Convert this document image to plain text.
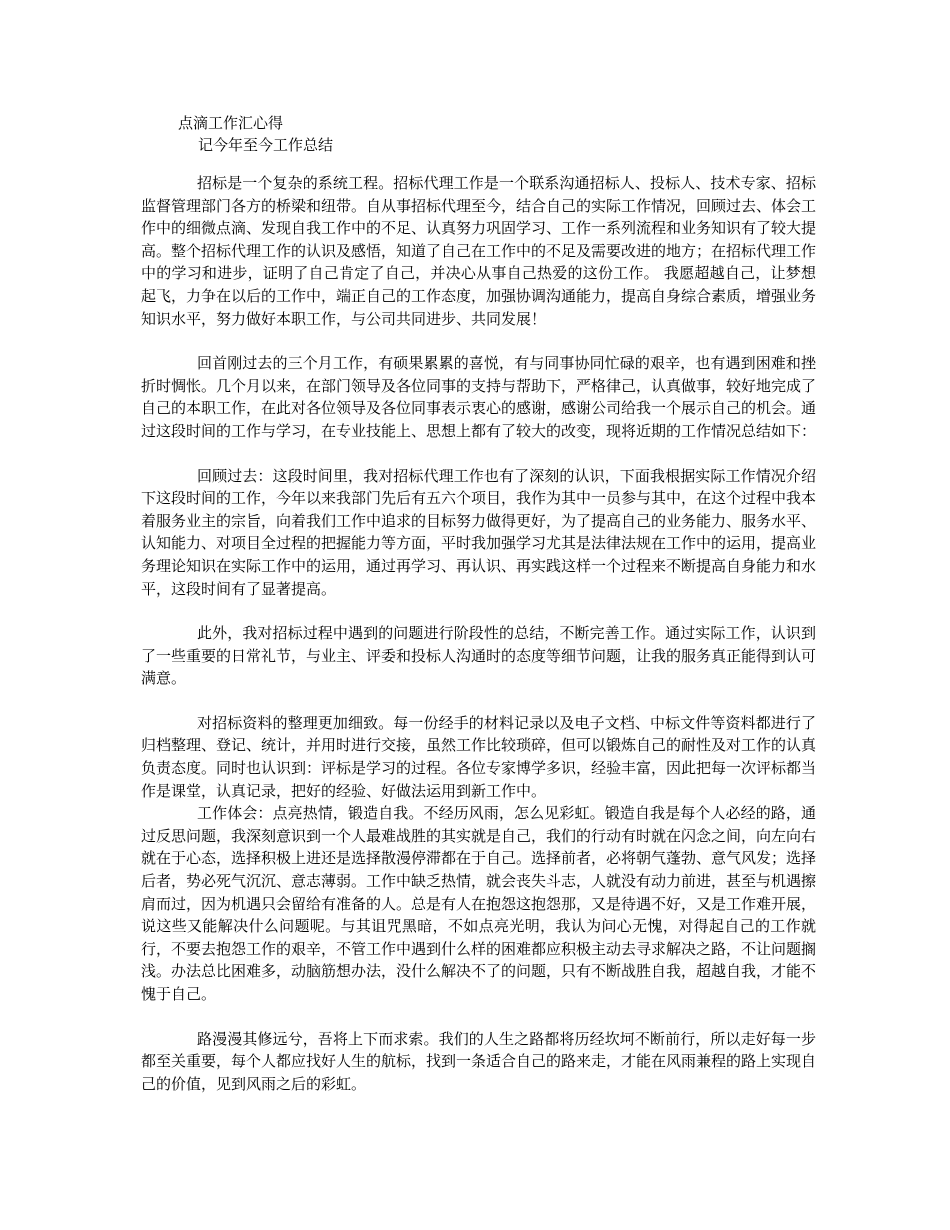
点滴工作汇心得
记今年至今工作总结

招标是一个复杂的系统工程。招标代理工作是一个联系沟通招标人、投标人、技术专家、招标监督管理部门各方的桥梁和纽带。自从事招标代理至今，结合自己的实际工作情况，回顾过去、体会工作中的细微点滴、发现自我工作中的不足、认真努力巩固学习、工作一系列流程和业务知识有了较大提高。整个招标代理工作的认识及感悟，知道了自己在工作中的不足及需要改进的地方；在招标代理工作中的学习和进步，证明了自己肯定了自己，并决心从事自己热爱的这份工作。 我愿超越自己，让梦想起飞，力争在以后的工作中，端正自己的工作态度，加强协调沟通能力，提高自身综合素质，增强业务知识水平，努力做好本职工作，与公司共同进步、共同发展！

回首刚过去的三个月工作，有硕果累累的喜悦，有与同事协同忙碌的艰辛，也有遇到困难和挫折时惆怅。几个月以来，在部门领导及各位同事的支持与帮助下，严格律己，认真做事，较好地完成了自己的本职工作，在此对各位领导及各位同事表示衷心的感谢，感谢公司给我一个展示自己的机会。通过这段时间的工作与学习，在专业技能上、思想上都有了较大的改变，现将近期的工作情况总结如下：

回顾过去：这段时间里，我对招标代理工作也有了深刻的认识，下面我根据实际工作情况介绍下这段时间的工作，今年以来我部门先后有五六个项目，我作为其中一员参与其中，在这个过程中我本着服务业主的宗旨，向着我们工作中追求的目标努力做得更好，为了提高自己的业务能力、服务水平、认知能力、对项目全过程的把握能力等方面，平时我加强学习尤其是法律法规在工作中的运用，提高业务理论知识在实际工作中的运用，通过再学习、再认识、再实践这样一个过程来不断提高自身能力和水平，这段时间有了显著提高。

此外，我对招标过程中遇到的问题进行阶段性的总结，不断完善工作。通过实际工作，认识到了一些重要的日常礼节，与业主、评委和投标人沟通时的态度等细节问题，让我的服务真正能得到认可满意。

对招标资料的整理更加细致。每一份经手的材料记录以及电子文档、中标文件等资料都进行了归档整理、登记、统计，并用时进行交接，虽然工作比较琐碎，但可以锻炼自己的耐性及对工作的认真负责态度。同时也认识到：评标是学习的过程。各位专家博学多识，经验丰富，因此把每一次评标都当作是课堂，认真记录，把好的经验、好做法运用到新工作中。

工作体会：点亮热情，锻造自我。不经历风雨，怎么见彩虹。锻造自我是每个人必经的路，通过反思问题，我深刻意识到一个人最难战胜的其实就是自己，我们的行动有时就在闪念之间，向左向右就在于心态，选择积极上进还是选择散漫停滞都在于自己。选择前者，必将朝气蓬勃、意气风发；选择后者，势必死气沉沉、意志薄弱。工作中缺乏热情，就会丧失斗志，人就没有动力前进，甚至与机遇擦肩而过，因为机遇只会留给有准备的人。总是有人在抱怨这抱怨那，又是待遇不好，又是工作难开展，说这些又能解决什么问题呢。与其诅咒黑暗，不如点亮光明，我认为问心无愧，对得起自己的工作就行，不要去抱怨工作的艰辛，不管工作中遇到什么样的困难都应积极主动去寻求解决之路，不让问题搁浅。办法总比困难多，动脑筋想办法，没什么解决不了的问题，只有不断战胜自我，超越自我，才能不愧于自己。

路漫漫其修远兮，吾将上下而求索。我们的人生之路都将历经坎坷不断前行，所以走好每一步都至关重要，每个人都应找好人生的航标，找到一条适合自己的路来走，才能在风雨兼程的路上实现自己的价值，见到风雨之后的彩虹。
